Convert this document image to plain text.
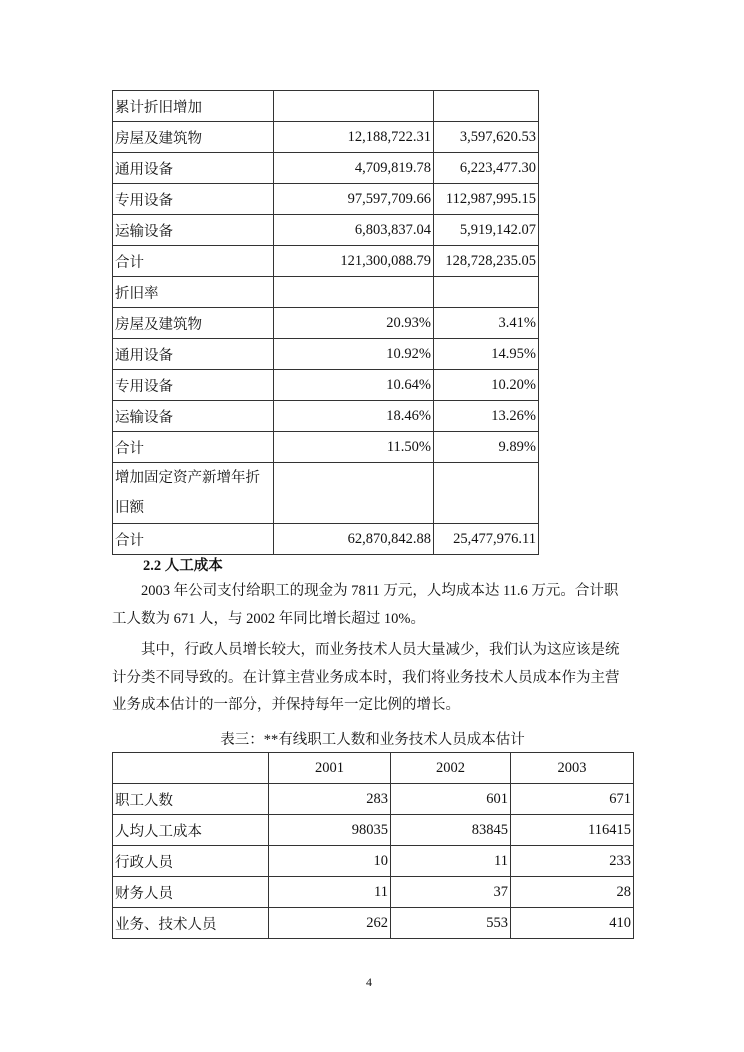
累计折旧增加		
房屋及建筑物	12,188,722.31	3,597,620.53
通用设备	4,709,819.78	6,223,477.30
专用设备	97,597,709.66	112,987,995.15
运输设备	6,803,837.04	5,919,142.07
合计	121,300,088.79	128,728,235.05
折旧率		
房屋及建筑物	20.93%	3.41%
通用设备	10.92%	14.95%
专用设备	10.64%	10.20%
运输设备	18.46%	13.26%
合计	11.50%	9.89%
增加固定资产新增年折旧额		
合计	62,870,842.88	25,477,976.11
2.2 人工成本
2003 年公司支付给职工的现金为 7811 万元，人均成本达 11.6 万元。合计职工人数为 671 人，与 2002 年同比增长超过 10%。
其中，行政人员增长较大，而业务技术人员大量减少，我们认为这应该是统计分类不同导致的。在计算主营业务成本时，我们将业务技术人员成本作为主营业务成本估计的一部分，并保持每年一定比例的增长。
表三：**有线职工人数和业务技术人员成本估计
	2001	2002	2003
职工人数	283	601	671
人均人工成本	98035	83845	116415
行政人员	10	11	233
财务人员	11	37	28
业务、技术人员	262	553	410
4
